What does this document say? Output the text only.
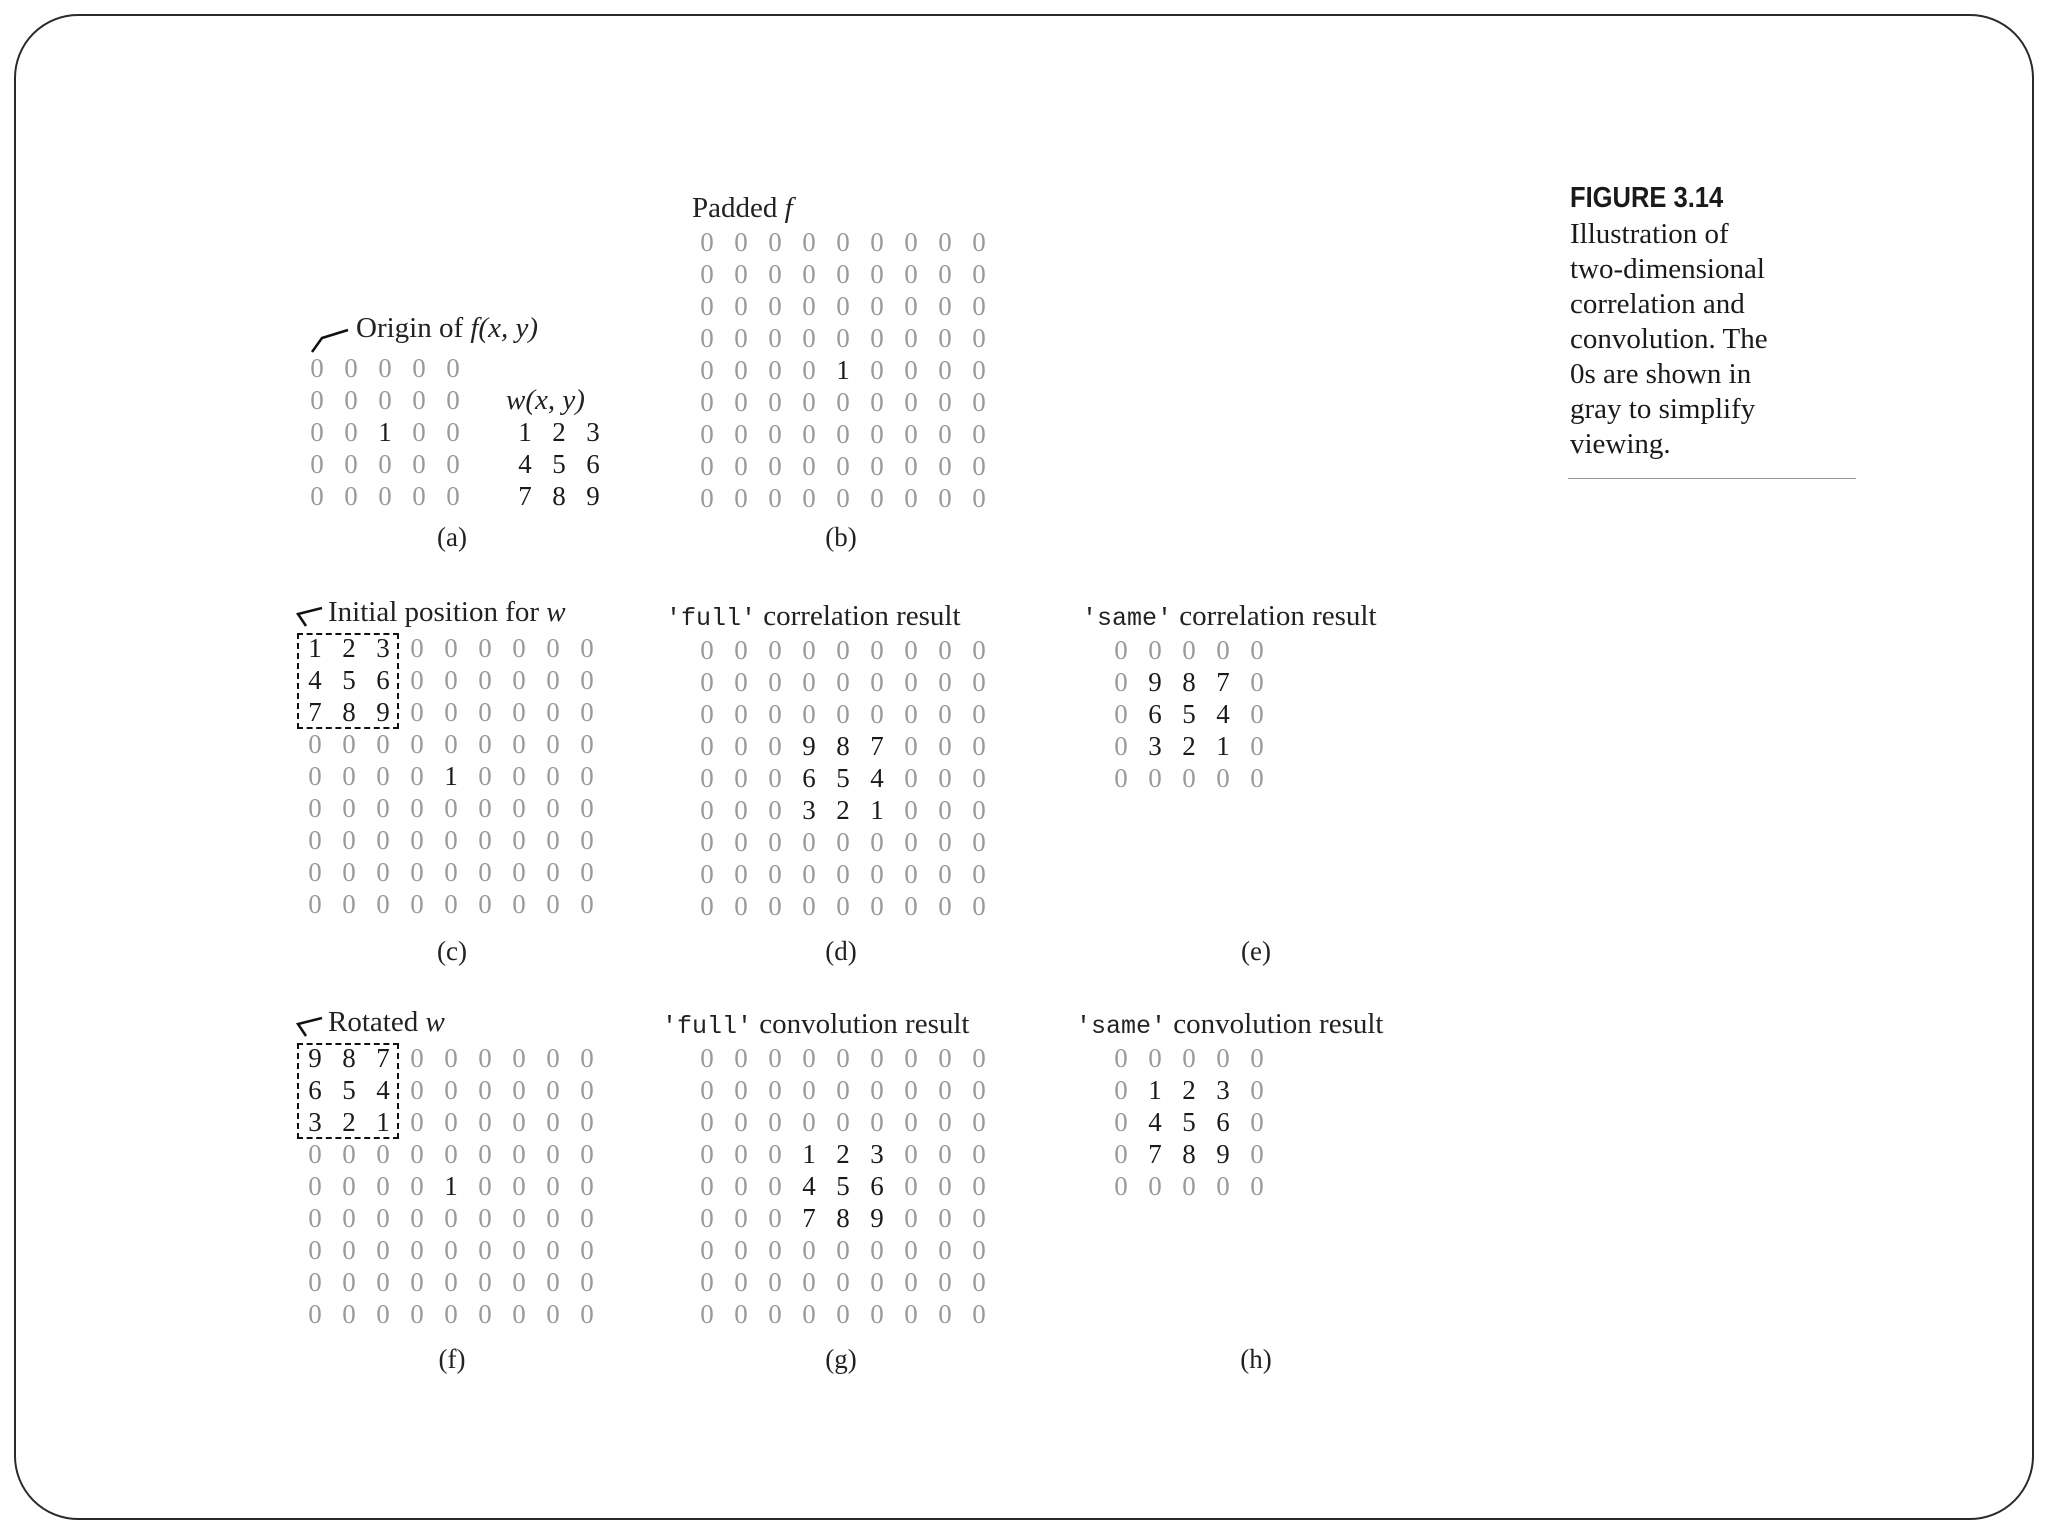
Origin of f(x, y)
0 0 0 0 0
0 0 0 0 0
0 0 1 0 0
0 0 0 0 0
0 0 0 0 0
w(x, y)
1 2 3
4 5 6
7 8 9
(a)
Padded f
0 0 0 0 0 0 0 0 0
0 0 0 0 0 0 0 0 0
0 0 0 0 0 0 0 0 0
0 0 0 0 0 0 0 0 0
0 0 0 0 1 0 0 0 0
0 0 0 0 0 0 0 0 0
0 0 0 0 0 0 0 0 0
0 0 0 0 0 0 0 0 0
0 0 0 0 0 0 0 0 0
(b)
Initial position for w
1 2 3 0 0 0 0 0 0
4 5 6 0 0 0 0 0 0
7 8 9 0 0 0 0 0 0
0 0 0 0 0 0 0 0 0
0 0 0 0 1 0 0 0 0
0 0 0 0 0 0 0 0 0
0 0 0 0 0 0 0 0 0
0 0 0 0 0 0 0 0 0
0 0 0 0 0 0 0 0 0
(c)
'full' correlation result
0 0 0 0 0 0 0 0 0
0 0 0 0 0 0 0 0 0
0 0 0 0 0 0 0 0 0
0 0 0 9 8 7 0 0 0
0 0 0 6 5 4 0 0 0
0 0 0 3 2 1 0 0 0
0 0 0 0 0 0 0 0 0
0 0 0 0 0 0 0 0 0
0 0 0 0 0 0 0 0 0
(d)
'same' correlation result
0 0 0 0 0
0 9 8 7 0
0 6 5 4 0
0 3 2 1 0
0 0 0 0 0
(e)
Rotated w
9 8 7 0 0 0 0 0 0
6 5 4 0 0 0 0 0 0
3 2 1 0 0 0 0 0 0
0 0 0 0 0 0 0 0 0
0 0 0 0 1 0 0 0 0
0 0 0 0 0 0 0 0 0
0 0 0 0 0 0 0 0 0
0 0 0 0 0 0 0 0 0
0 0 0 0 0 0 0 0 0
(f)
'full' convolution result
0 0 0 0 0 0 0 0 0
0 0 0 0 0 0 0 0 0
0 0 0 0 0 0 0 0 0
0 0 0 1 2 3 0 0 0
0 0 0 4 5 6 0 0 0
0 0 0 7 8 9 0 0 0
0 0 0 0 0 0 0 0 0
0 0 0 0 0 0 0 0 0
0 0 0 0 0 0 0 0 0
(g)
'same' convolution result
0 0 0 0 0
0 1 2 3 0
0 4 5 6 0
0 7 8 9 0
0 0 0 0 0
(h)
FIGURE 3.14
Illustration of
two-dimensional
correlation and
convolution. The
0s are shown in
gray to simplify
viewing.
